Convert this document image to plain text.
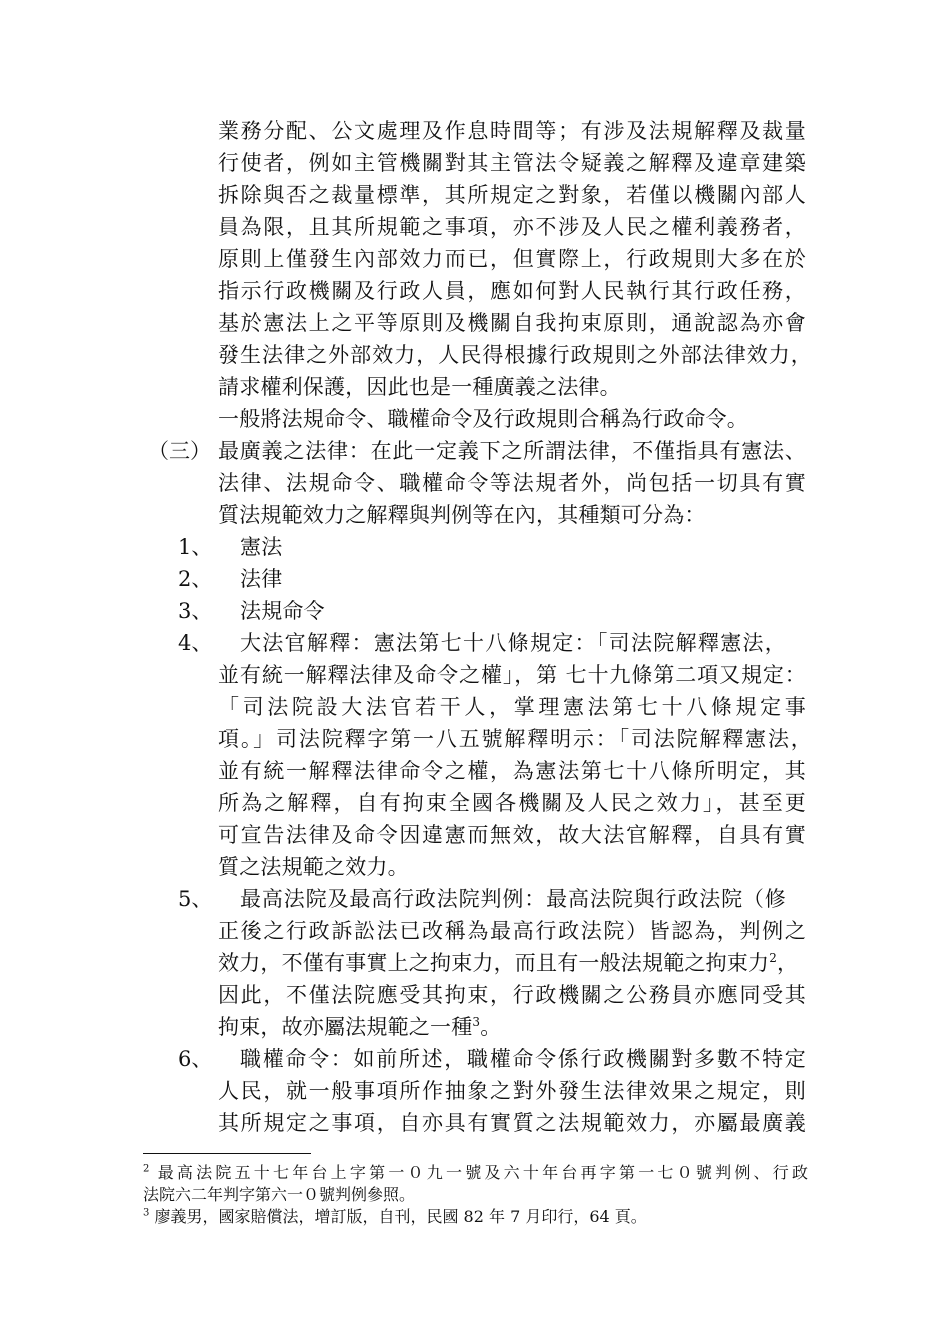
業務分配、公文處理及作息時間等；有涉及法規解釋及裁量
行使者，例如主管機關對其主管法令疑義之解釋及違章建築
拆除與否之裁量標準，其所規定之對象，若僅以機關內部人
員為限，且其所規範之事項，亦不涉及人民之權利義務者，
原則上僅發生內部效力而已，但實際上，行政規則大多在於
指示行政機關及行政人員，應如何對人民執行其行政任務，
基於憲法上之平等原則及機關自我拘束原則，通說認為亦會
發生法律之外部效力，人民得根據行政規則之外部法律效力，
請求權利保護，因此也是一種廣義之法律。
一般將法規命令、職權命令及行政規則合稱為行政命令。
（三） 最廣義之法律：在此一定義下之所謂法律，不僅指具有憲法、
法律、法規命令、職權命令等法規者外，尚包括一切具有實
質法規範效力之解釋與判例等在內，其種類可分為：
1、 憲法
2、 法律
3、 法規命令
4、 大法官解釋：憲法第七十八條規定：「司法院解釋憲法，
並有統一解釋法律及命令之權」，第 七十九條第二項又規定：
「司法院設大法官若干人，掌理憲法第七十八條規定事
項。」司法院釋字第一八五號解釋明示：「司法院解釋憲法，
並有統一解釋法律命令之權，為憲法第七十八條所明定，其
所為之解釋，自有拘束全國各機關及人民之效力」，甚至更
可宣告法律及命令因違憲而無效，故大法官解釋，自具有實
質之法規範之效力。
5、 最高法院及最高行政法院判例：最高法院與行政法院（修
正後之行政訴訟法已改稱為最高行政法院）皆認為，判例之
效力，不僅有事實上之拘束力，而且有一般法規範之拘束力$^2$，
因此，不僅法院應受其拘束，行政機關之公務員亦應同受其
拘束，故亦屬法規範之一種$^3$。
6、 職權命令：如前所述，職權命令係行政機關對多數不特定
人民，就一般事項所作抽象之對外發生法律效果之規定，則
其所規定之事項，自亦具有實質之法規範效力，亦屬最廣義
$^2$ 最高法院五十七年台上字第一０九一號及六十年台再字第一七０號判例、行政
法院六二年判字第六一０號判例參照。
$^3$ 廖義男，國家賠償法，增訂版，自刊，民國 82 年 7 月印行，64 頁。
